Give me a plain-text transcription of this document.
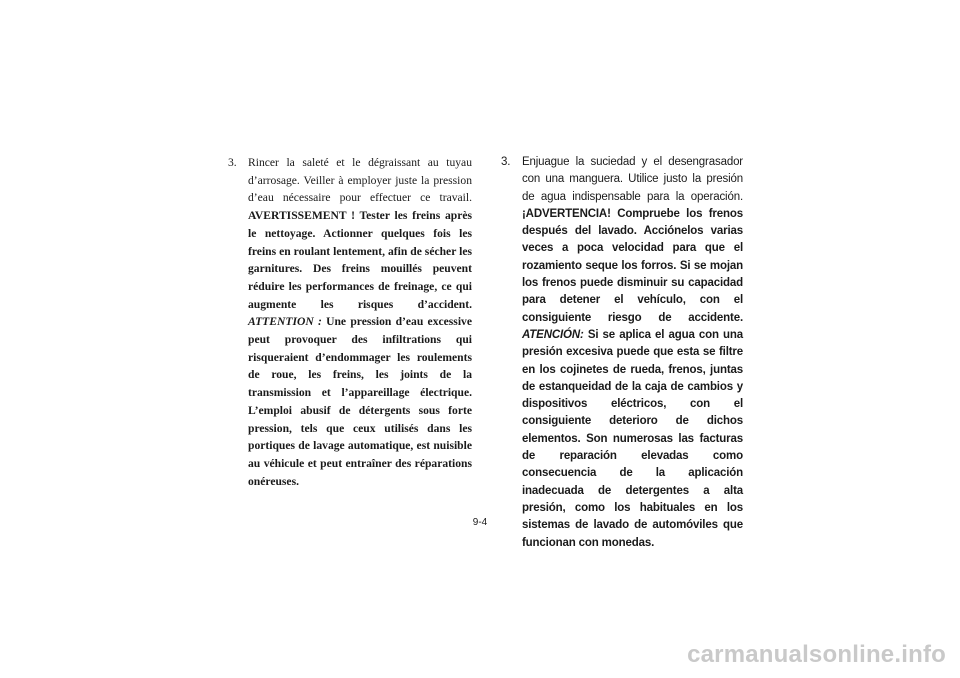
3. Rincer la saleté et le dégraissant au tuyau d’arrosage. Veiller à employer juste la pression d’eau nécessaire pour effectuer ce travail. AVERTISSEMENT ! Tester les freins après le nettoyage. Actionner quelques fois les freins en roulant lentement, afin de sécher les garnitures. Des freins mouillés peuvent réduire les performances de freinage, ce qui augmente les risques d’accident. ATTENTION : Une pression d’eau excessive peut provoquer des infiltrations qui risqueraient d’endommager les roulements de roue, les freins, les joints de la transmission et l’appareillage électrique. L’emploi abusif de détergents sous forte pression, tels que ceux utilisés dans les portiques de lavage automatique, est nuisible au véhicule et peut entraîner des réparations onéreuses.

3. Enjuague la suciedad y el desengrasador con una manguera. Utilice justo la presión de agua indispensable para la operación. ¡ADVERTENCIA! Compruebe los frenos después del lavado. Acciónelos varias veces a poca velocidad para que el rozamiento seque los forros. Si se mojan los frenos puede disminuir su capacidad para detener el vehículo, con el consiguiente riesgo de accidente. ATENCIÓN: Si se aplica el agua con una presión excesiva puede que esta se filtre en los cojinetes de rueda, frenos, juntas de estanqueidad de la caja de cambios y dispositivos eléctricos, con el consiguiente deterioro de dichos elementos. Son numerosas las facturas de reparación elevadas como consecuencia de la aplicación inadecuada de detergentes a alta presión, como los habituales en los sistemas de lavado de automóviles que funcionan con monedas.

9-4
carmanualsonline.info
